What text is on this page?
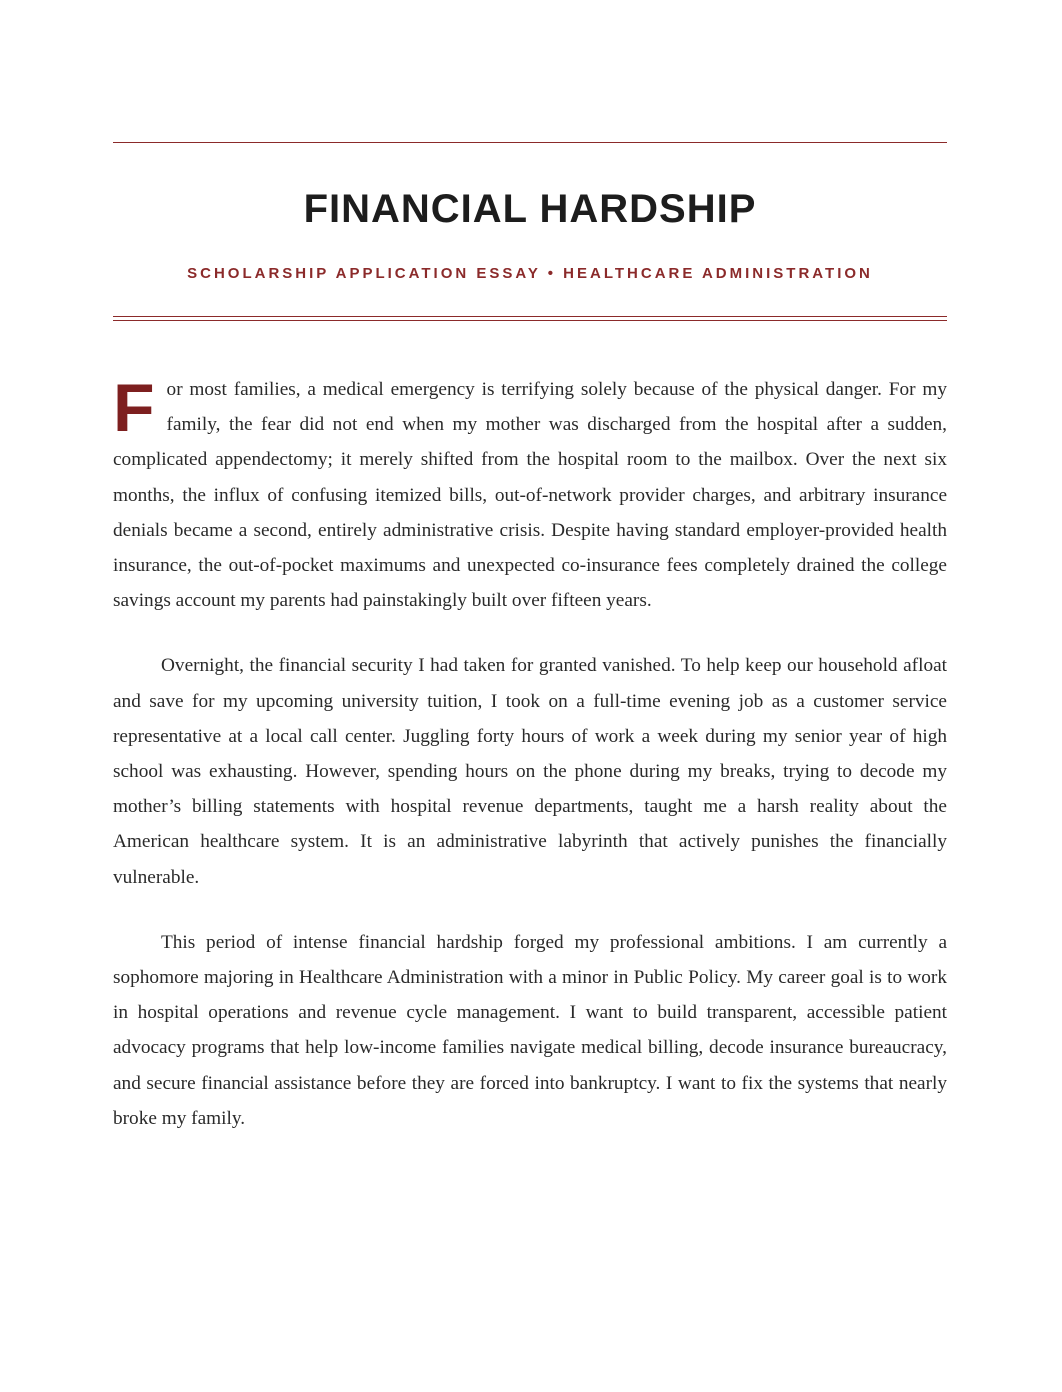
FINANCIAL HARDSHIP
SCHOLARSHIP APPLICATION ESSAY • HEALTHCARE ADMINISTRATION

For most families, a medical emergency is terrifying solely because of the physical danger. For my family, the fear did not end when my mother was discharged from the hospital after a sudden, complicated appendectomy; it merely shifted from the hospital room to the mailbox. Over the next six months, the influx of confusing itemized bills, out-of-network provider charges, and arbitrary insurance denials became a second, entirely administrative crisis. Despite having standard employer-provided health insurance, the out-of-pocket maximums and unexpected co-insurance fees completely drained the college savings account my parents had painstakingly built over fifteen years.

Overnight, the financial security I had taken for granted vanished. To help keep our household afloat and save for my upcoming university tuition, I took on a full-time evening job as a customer service representative at a local call center. Juggling forty hours of work a week during my senior year of high school was exhausting. However, spending hours on the phone during my breaks, trying to decode my mother’s billing statements with hospital revenue departments, taught me a harsh reality about the American healthcare system. It is an administrative labyrinth that actively punishes the financially vulnerable.

This period of intense financial hardship forged my professional ambitions. I am currently a sophomore majoring in Healthcare Administration with a minor in Public Policy. My career goal is to work in hospital operations and revenue cycle management. I want to build transparent, accessible patient advocacy programs that help low-income families navigate medical billing, decode insurance bureaucracy, and secure financial assistance before they are forced into bankruptcy. I want to fix the systems that nearly broke my family.
